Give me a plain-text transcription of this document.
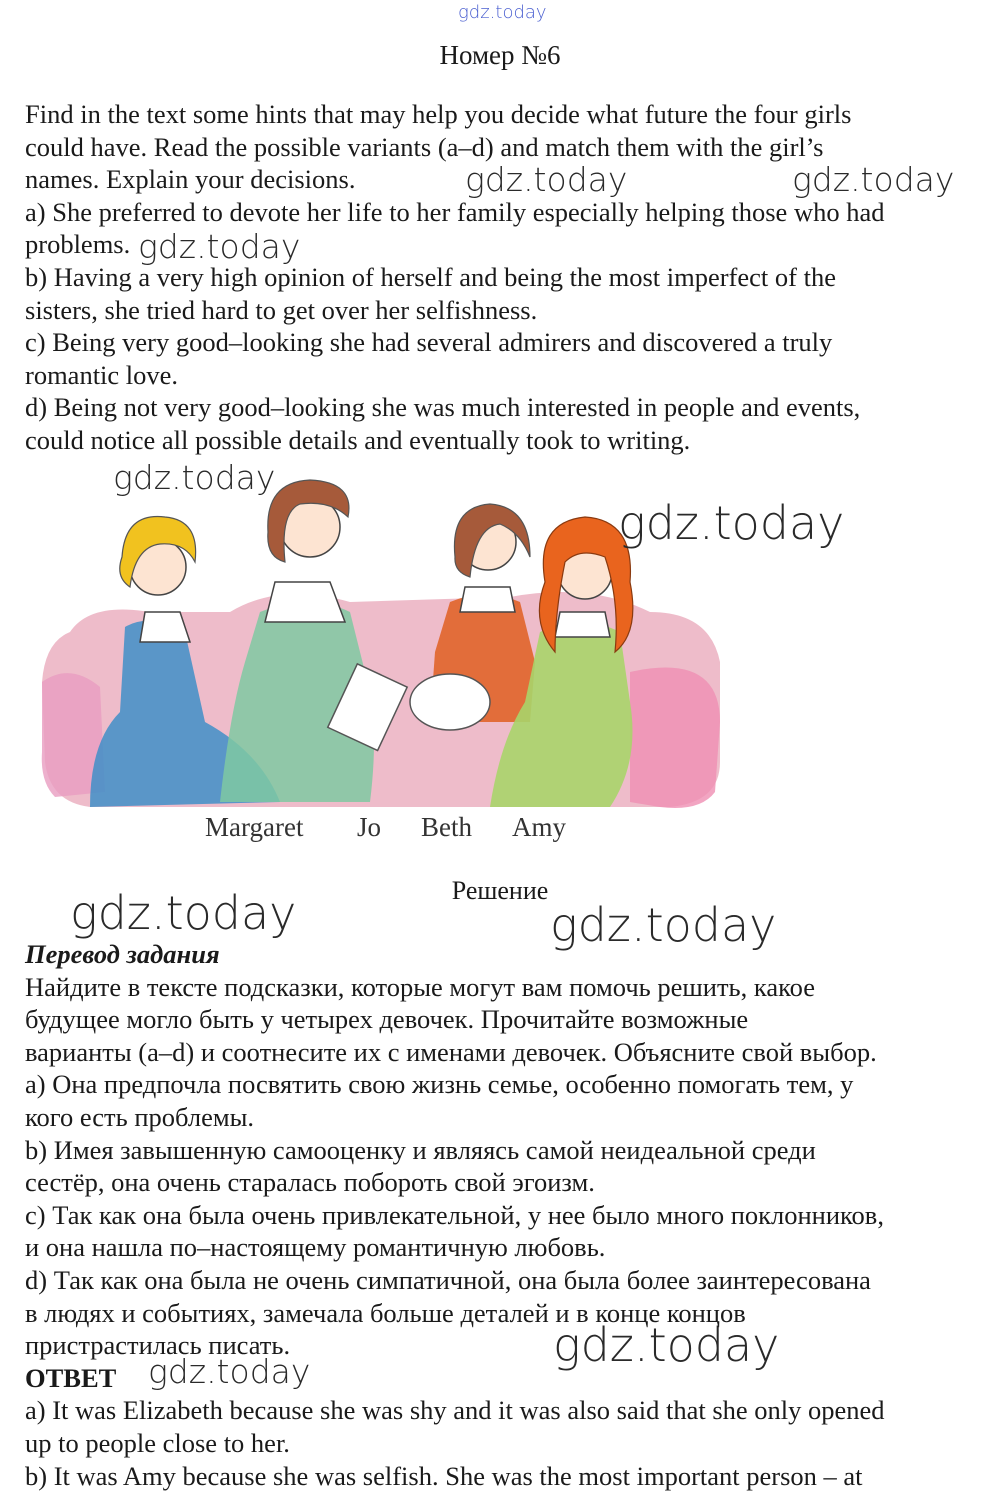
gdz.today
Номер №6
Find in the text some hints that may help you decide what future the four girls
could have. Read the possible variants (a–d) and match them with the girl’s
names. Explain your decisions.
a) She preferred to devote her life to her family especially helping those who had
problems.
b) Having a very high opinion of herself and being the most imperfect of the
sisters, she tried hard to get over her selfishness.
c) Being very good–looking she had several admirers and discovered a truly
romantic love.
d) Being not very good–looking she was much interested in people and events,
could notice all possible details and eventually took to writing.
gdz.today	gdz.today
gdz.today
gdz.today
gdz.today
Margaret Jo Beth Amy
Решение
gdz.today	gdz.today
Перевод задания
Найдите в тексте подсказки, которые могут вам помочь решить, какое
будущее могло быть у четырех девочек. Прочитайте возможные
варианты (a–d) и соотнесите их с именами девочек. Объясните свой выбор.
a) Она предпочла посвятить свою жизнь семье, особенно помогать тем, у
кого есть проблемы.
b) Имея завышенную самооценку и являясь самой неидеальной среди
сестёр, она очень старалась побороть свой эгоизм.
c) Так как она была очень привлекательной, у нее было много поклонников,
и она нашла по–настоящему романтичную любовь.
d) Так как она была не очень симпатичной, она была более заинтересована
в людях и событиях, замечала больше деталей и в конце концов
пристрастилась писать.
ОТВЕТ
a) It was Elizabeth because she was shy and it was also said that she only opened
up to people close to her.
b) It was Amy because she was selfish. She was the most important person – at
gdz.today
gdz.today
